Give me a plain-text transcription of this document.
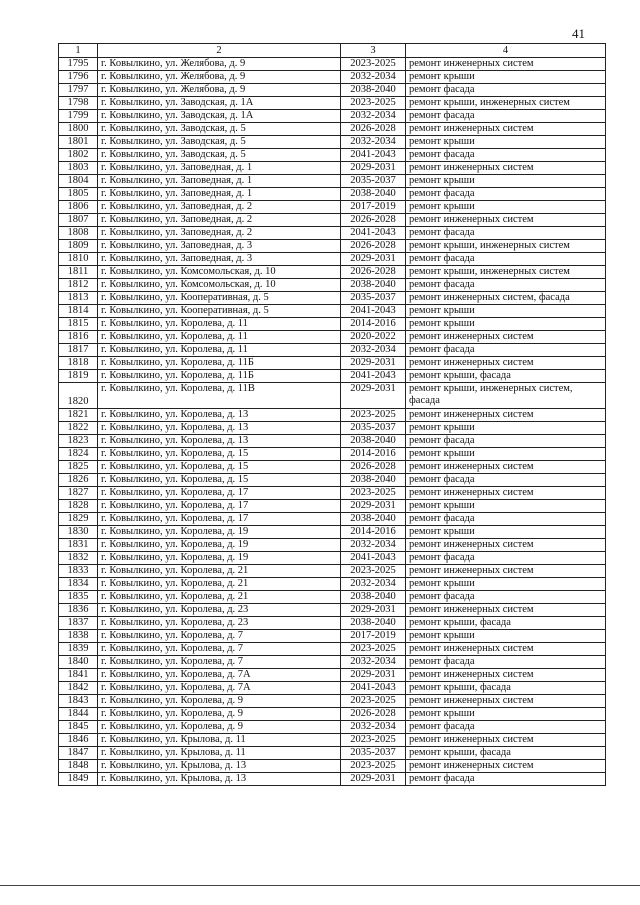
41
1	2	3	4
1795	г. Ковылкино, ул. Желябова, д. 9	2023-2025	ремонт инженерных систем
1796	г. Ковылкино, ул. Желябова, д. 9	2032-2034	ремонт крыши
1797	г. Ковылкино, ул. Желябова, д. 9	2038-2040	ремонт фасада
1798	г. Ковылкино, ул. Заводская, д. 1А	2023-2025	ремонт крыши, инженерных систем
1799	г. Ковылкино, ул. Заводская, д. 1А	2032-2034	ремонт фасада
1800	г. Ковылкино, ул. Заводская, д. 5	2026-2028	ремонт инженерных систем
1801	г. Ковылкино, ул. Заводская, д. 5	2032-2034	ремонт крыши
1802	г. Ковылкино, ул. Заводская, д. 5	2041-2043	ремонт фасада
1803	г. Ковылкино, ул. Заповедная, д. 1	2029-2031	ремонт инженерных систем
1804	г. Ковылкино, ул. Заповедная, д. 1	2035-2037	ремонт крыши
1805	г. Ковылкино, ул. Заповедная, д. 1	2038-2040	ремонт фасада
1806	г. Ковылкино, ул. Заповедная, д. 2	2017-2019	ремонт крыши
1807	г. Ковылкино, ул. Заповедная, д. 2	2026-2028	ремонт инженерных систем
1808	г. Ковылкино, ул. Заповедная, д. 2	2041-2043	ремонт фасада
1809	г. Ковылкино, ул. Заповедная, д. 3	2026-2028	ремонт крыши, инженерных систем
1810	г. Ковылкино, ул. Заповедная, д. 3	2029-2031	ремонт фасада
1811	г. Ковылкино, ул. Комсомольская, д. 10	2026-2028	ремонт крыши, инженерных систем
1812	г. Ковылкино, ул. Комсомольская, д. 10	2038-2040	ремонт фасада
1813	г. Ковылкино, ул. Кооперативная, д. 5	2035-2037	ремонт инженерных систем, фасада
1814	г. Ковылкино, ул. Кооперативная, д. 5	2041-2043	ремонт крыши
1815	г. Ковылкино, ул. Королева, д. 11	2014-2016	ремонт крыши
1816	г. Ковылкино, ул. Королева, д. 11	2020-2022	ремонт инженерных систем
1817	г. Ковылкино, ул. Королева, д. 11	2032-2034	ремонт фасада
1818	г. Ковылкино, ул. Королева, д. 11Б	2029-2031	ремонт инженерных систем
1819	г. Ковылкино, ул. Королева, д. 11Б	2041-2043	ремонт крыши, фасада
1820	г. Ковылкино, ул. Королева, д. 11В	2029-2031	ремонт крыши, инженерных систем, фасада
1821	г. Ковылкино, ул. Королева, д. 13	2023-2025	ремонт инженерных систем
1822	г. Ковылкино, ул. Королева, д. 13	2035-2037	ремонт крыши
1823	г. Ковылкино, ул. Королева, д. 13	2038-2040	ремонт фасада
1824	г. Ковылкино, ул. Королева, д. 15	2014-2016	ремонт крыши
1825	г. Ковылкино, ул. Королева, д. 15	2026-2028	ремонт инженерных систем
1826	г. Ковылкино, ул. Королева, д. 15	2038-2040	ремонт фасада
1827	г. Ковылкино, ул. Королева, д. 17	2023-2025	ремонт инженерных систем
1828	г. Ковылкино, ул. Королева, д. 17	2029-2031	ремонт крыши
1829	г. Ковылкино, ул. Королева, д. 17	2038-2040	ремонт фасада
1830	г. Ковылкино, ул. Королева, д. 19	2014-2016	ремонт крыши
1831	г. Ковылкино, ул. Королева, д. 19	2032-2034	ремонт инженерных систем
1832	г. Ковылкино, ул. Королева, д. 19	2041-2043	ремонт фасада
1833	г. Ковылкино, ул. Королева, д. 21	2023-2025	ремонт инженерных систем
1834	г. Ковылкино, ул. Королева, д. 21	2032-2034	ремонт крыши
1835	г. Ковылкино, ул. Королева, д. 21	2038-2040	ремонт фасада
1836	г. Ковылкино, ул. Королева, д. 23	2029-2031	ремонт инженерных систем
1837	г. Ковылкино, ул. Королева, д. 23	2038-2040	ремонт крыши, фасада
1838	г. Ковылкино, ул. Королева, д. 7	2017-2019	ремонт крыши
1839	г. Ковылкино, ул. Королева, д. 7	2023-2025	ремонт инженерных систем
1840	г. Ковылкино, ул. Королева, д. 7	2032-2034	ремонт фасада
1841	г. Ковылкино, ул. Королева, д. 7А	2029-2031	ремонт инженерных систем
1842	г. Ковылкино, ул. Королева, д. 7А	2041-2043	ремонт крыши, фасада
1843	г. Ковылкино, ул. Королева, д. 9	2023-2025	ремонт инженерных систем
1844	г. Ковылкино, ул. Королева, д. 9	2026-2028	ремонт крыши
1845	г. Ковылкино, ул. Королева, д. 9	2032-2034	ремонт фасада
1846	г. Ковылкино, ул. Крылова, д. 11	2023-2025	ремонт инженерных систем
1847	г. Ковылкино, ул. Крылова, д. 11	2035-2037	ремонт крыши, фасада
1848	г. Ковылкино, ул. Крылова, д. 13	2023-2025	ремонт инженерных систем
1849	г. Ковылкино, ул. Крылова, д. 13	2029-2031	ремонт фасада
